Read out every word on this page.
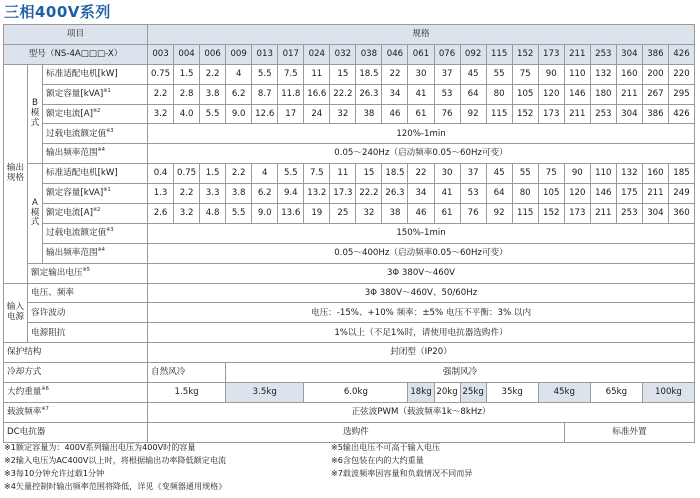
三相400V系列
项目			规格																				
型号（NS-4A□□□-X）			003	004	006	009	013	017	024	032	038	046	061	076	092	115	152	173	211	253	304	386	426
输出规格	B模式	标准适配电机[kW]	0.75	1.5	2.2	4	5.5	7.5	11	15	18.5	22	30	37	45	55	75	90	110	132	160	200	220
		额定容量[kVA]$^{※1}$	2.2	2.8	3.8	6.2	8.7	11.8	16.6	22.2	26.3	34	41	53	64	80	105	120	146	180	211	267	295
		额定电流$[A]^{※2}$	3.2	4.0	5.5	9.0	12.6	17	24	32	38	46	61	76	92	115	152	173	211	253	304	386	426
		过载电流额定值$^{※3}$	120%-1min																				
		输出频率范围$^{※4}$	0.05～240Hz（启动频率0.05～60Hz可变）																				
	A模式	标准适配电机[kW]	0.4	0.75	1.5	2.2	4	5.5	7.5	11	15	18.5	22	30	37	45	55	75	90	110	132	160	185
		额定容量[kVA]$^{※1}$	1.3	2.2	3.3	3.8	6.2	9.4	13.2	17.3	22.2	26.3	34	41	53	64	80	105	120	146	175	211	249
		额定电流$[A]^{※2}$	2.6	3.2	4.8	5.5	9.0	13.6	19	25	32	38	46	61	76	92	115	152	173	211	253	304	360
		过载电流额定值$^{※3}$	150%-1min																				
		输出频率范围$^{※4}$	0.05～400Hz（启动频率0.05～60Hz可变）																				
	额定输出电压$^{※5}$		3Φ 380V～460V																				
输入电源	电压、频率		3Φ 380V～460V、50/60Hz																				
	容许波动		电压：-15%、+10% 频率：±5% 电压不平衡：3% 以内																				
	电源阻抗		1%以上（不足1%时，请使用电抗器选购件）																				
保护结构			封闭型（IP20）																				
冷却方式			自然风冷			强制风冷																	
大约重量$^{※6}$			1.5kg			3.5kg			6.0kg				18kg	20kg	25kg	35kg		45kg		65kg		100kg	
载波频率$^{※7}$			正弦波PWM（载波频率1k～8kHz）																				
DC电抗器			选购件																标准外置				
※1额定容量为：400V系列输出电压为400V时的容量
※2输入电压为AC400V以上时，将根据输出功率降低额定电流
※3每10分钟允许过载1分钟
※4矢量控制时输出频率范围将降低，详见《变频器通用规格》
※5输出电压不可高于输入电压
※6含包装在内的大约重量
※7载波频率因容量和负载情况不同而异
